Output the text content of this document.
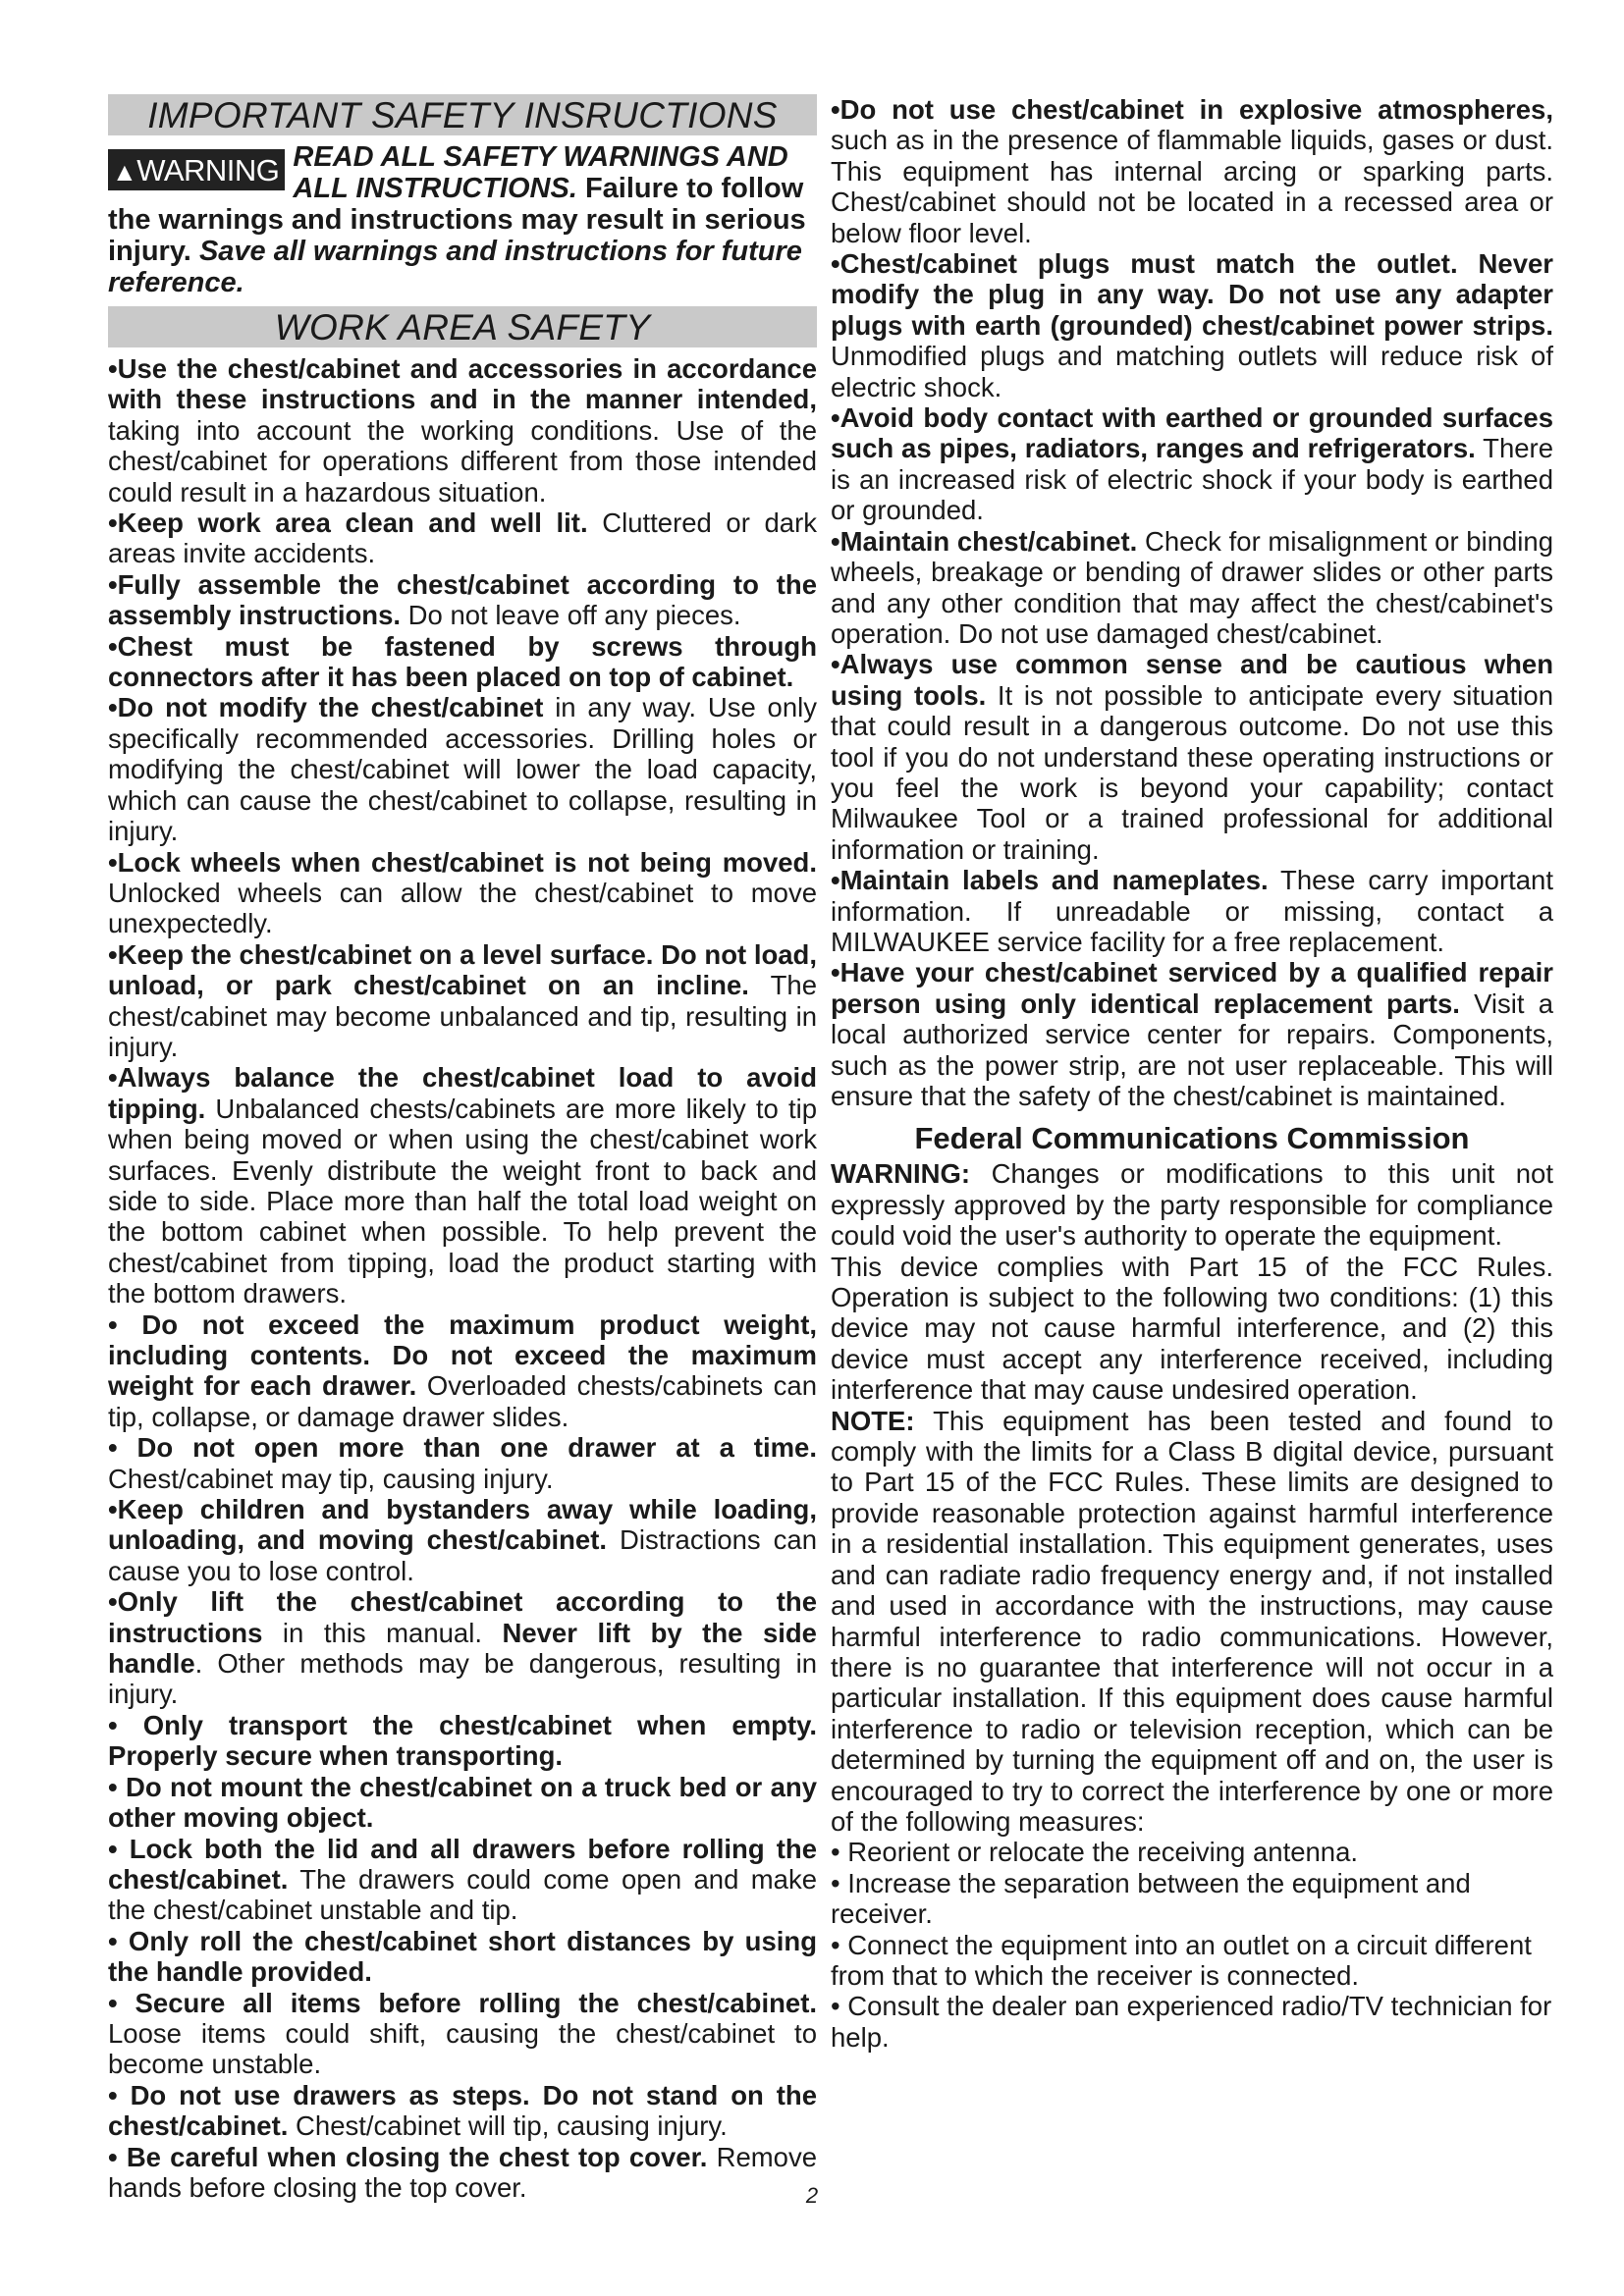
IMPORTANT SAFETY INSRUCTIONS
▲WARNING READ ALL SAFETY WARNINGS AND ALL INSTRUCTIONS. Failure to follow the warnings and instructions may result in serious injury. Save all warnings and instructions for future reference.
WORK AREA SAFETY

•Use the chest/cabinet and accessories in accordance with these instructions and in the manner intended, taking into account the working conditions. Use of the chest/cabinet for operations different from those intended could result in a hazardous situation.

•Keep work area clean and well lit. Cluttered or dark areas invite accidents.

•Fully assemble the chest/cabinet according to the assembly instructions. Do not leave off any pieces.

•Chest must be fastened by screws through connectors after it has been placed on top of cabinet.

•Do not modify the chest/cabinet in any way. Use only specifically recommended accessories. Drilling holes or modifying the chest/cabinet will lower the load capacity, which can cause the chest/cabinet to collapse, resulting in injury.

•Lock wheels when chest/cabinet is not being moved. Unlocked wheels can allow the chest/cabinet to move unexpectedly.

•Keep the chest/cabinet on a level surface. Do not load, unload, or park chest/cabinet on an incline. The chest/cabinet may become unbalanced and tip, resulting in injury.

•Always balance the chest/cabinet load to avoid tipping. Unbalanced chests/cabinets are more likely to tip when being moved or when using the chest/cabinet work surfaces. Evenly distribute the weight front to back and side to side. Place more than half the total load weight on the bottom cabinet when possible. To help prevent the chest/cabinet from tipping, load the product starting with the bottom drawers.

• Do not exceed the maximum product weight, including contents. Do not exceed the maximum weight for each drawer. Overloaded chests/cabinets can tip, collapse, or damage drawer slides.

• Do not open more than one drawer at a time. Chest/cabinet may tip, causing injury.

•Keep children and bystanders away while loading, unloading, and moving chest/cabinet. Distractions can cause you to lose control.

•Only lift the chest/cabinet according to the instructions in this manual. Never lift by the side handle. Other methods may be dangerous, resulting in injury.

• Only transport the chest/cabinet when empty. Properly secure when transporting.

• Do not mount the chest/cabinet on a truck bed or any other moving object.

• Lock both the lid and all drawers before rolling the chest/cabinet. The drawers could come open and make the chest/cabinet unstable and tip.

• Only roll the chest/cabinet short distances by using the handle provided.

• Secure all items before rolling the chest/cabinet. Loose items could shift, causing the chest/cabinet to become unstable.

• Do not use drawers as steps. Do not stand on the chest/cabinet. Chest/cabinet will tip, causing injury.

• Be careful when closing the chest top cover. Remove hands before closing the top cover.

•Do not use chest/cabinet in explosive atmospheres, such as in the presence of flammable liquids, gases or dust. This equipment has internal arcing or sparking parts. Chest/cabinet should not be located in a recessed area or below floor level.

•Chest/cabinet plugs must match the outlet. Never modify the plug in any way. Do not use any adapter plugs with earth (grounded) chest/cabinet power strips. Unmodified plugs and matching outlets will reduce risk of electric shock.

•Avoid body contact with earthed or grounded surfaces such as pipes, radiators, ranges and refrigerators. There is an increased risk of electric shock if your body is earthed or grounded.

•Maintain chest/cabinet. Check for misalignment or binding wheels, breakage or bending of drawer slides or other parts and any other condition that may affect the chest/cabinet's operation. Do not use damaged chest/cabinet.

•Always use common sense and be cautious when using tools. It is not possible to anticipate every situation that could result in a dangerous outcome. Do not use this tool if you do not understand these operating instructions or you feel the work is beyond your capability; contact Milwaukee Tool or a trained professional for additional information or training.

•Maintain labels and nameplates. These carry important information. If unreadable or missing, contact a MILWAUKEE service facility for a free replacement.

•Have your chest/cabinet serviced by a qualified repair person using only identical replacement parts. Visit a local authorized service center for repairs. Components, such as the power strip, are not user replaceable. This will ensure that the safety of the chest/cabinet is maintained.

Federal Communications Commission

WARNING: Changes or modifications to this unit not expressly approved by the party responsible for compliance could void the user's authority to operate the equipment.

This device complies with Part 15 of the FCC Rules. Operation is subject to the following two conditions: (1) this device may not cause harmful interference, and (2) this device must accept any interference received, including interference that may cause undesired operation.

NOTE: This equipment has been tested and found to comply with the limits for a Class B digital device, pursuant to Part 15 of the FCC Rules. These limits are designed to provide reasonable protection against harmful interference in a residential installation. This equipment generates, uses and can radiate radio frequency energy and, if not installed and used in accordance with the instructions, may cause harmful interference to radio communications. However, there is no guarantee that interference will not occur in a particular installation. If this equipment does cause harmful interference to radio or television reception, which can be determined by turning the equipment off and on, the user is encouraged to try to correct the interference by one or more of the following measures:

• Reorient or relocate the receiving antenna.

• Increase the separation between the equipment and receiver.

• Connect the equipment into an outlet on a circuit different from that to which the receiver is connected.

• Consult the dealer ɒan experienced radio/TV technician for help.

2
